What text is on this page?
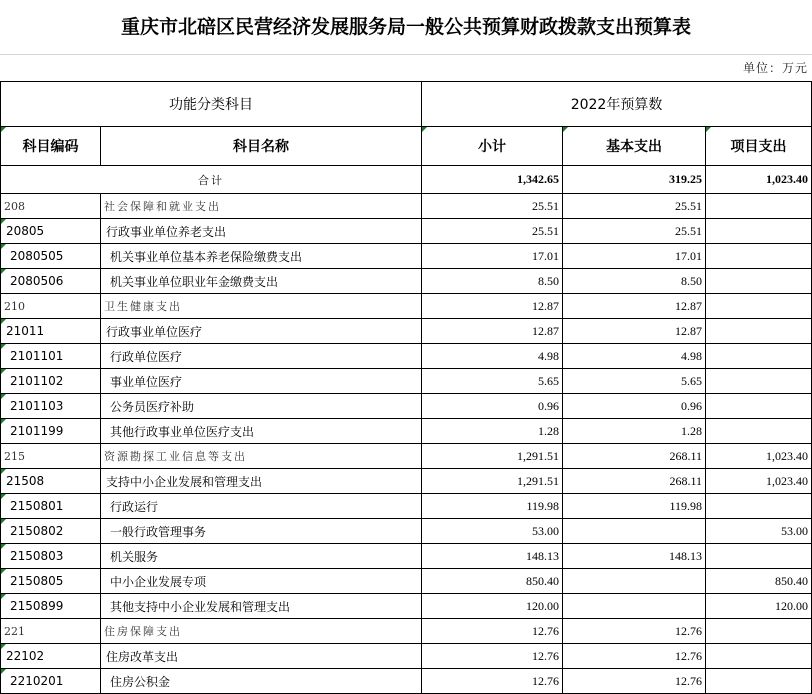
重庆市北碚区民营经济发展服务局一般公共预算财政拨款支出预算表
单位：万元
功能分类科目		2022年预算数		

科目编码	科目名称	小计	基本支出	项目支出
合计		1,342.65	319.25	1,023.40
208	社会保障和就业支出	25.51	25.51	
20805	行政事业单位养老支出	25.51	25.51	
2080505	机关事业单位基本养老保险缴费支出	17.01	17.01	
2080506	机关事业单位职业年金缴费支出	8.50	8.50	
210	卫生健康支出	12.87	12.87	
21011	行政事业单位医疗	12.87	12.87	
2101101	行政单位医疗	4.98	4.98	
2101102	事业单位医疗	5.65	5.65	
2101103	公务员医疗补助	0.96	0.96	
2101199	其他行政事业单位医疗支出	1.28	1.28	
215	资源勘探工业信息等支出	1,291.51	268.11	1,023.40
21508	支持中小企业发展和管理支出	1,291.51	268.11	1,023.40
2150801	行政运行	119.98	119.98	
2150802	一般行政管理事务	53.00		53.00
2150803	机关服务	148.13	148.13	
2150805	中小企业发展专项	850.40		850.40
2150899	其他支持中小企业发展和管理支出	120.00		120.00
221	住房保障支出	12.76	12.76	
22102	住房改革支出	12.76	12.76	
2210201	住房公积金	12.76	12.76	
